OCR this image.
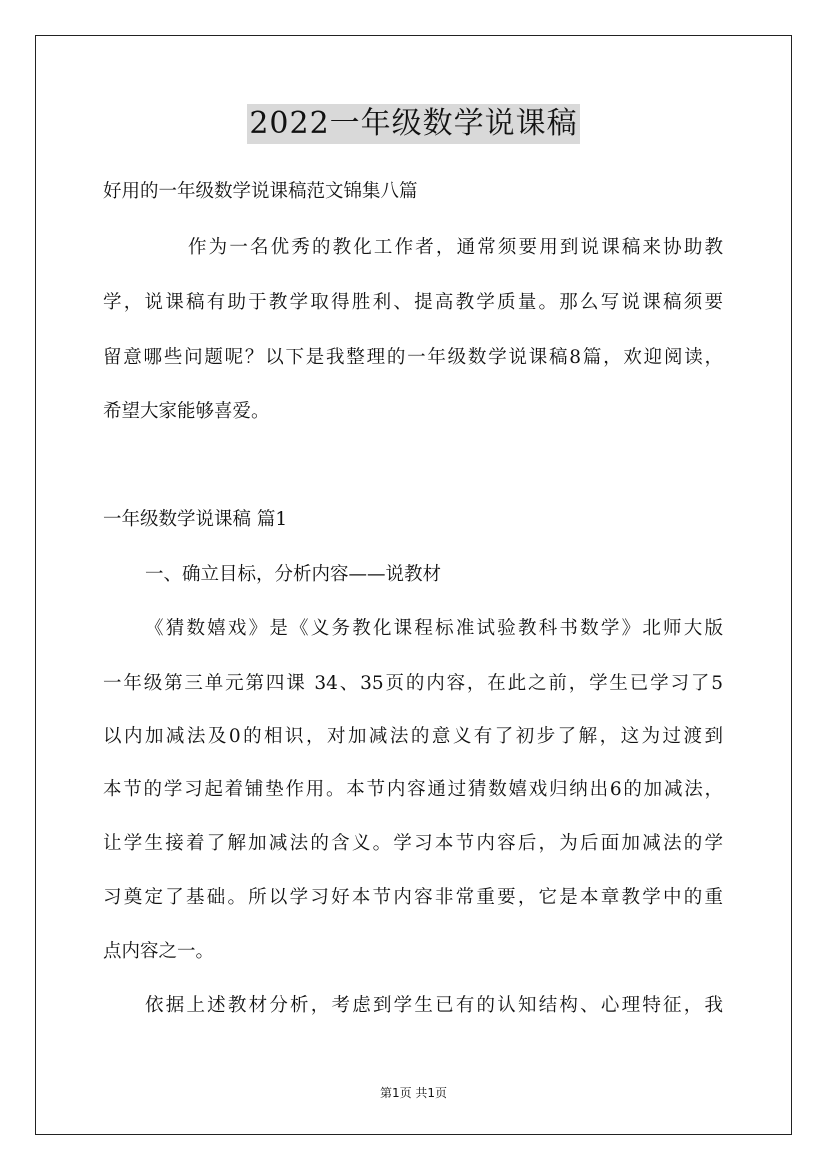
2022一年级数学说课稿
好用的一年级数学说课稿范文锦集八篇
作为一名优秀的教化工作者，通常须要用到说课稿来协助教
学，说课稿有助于教学取得胜利、提高教学质量。那么写说课稿须要
留意哪些问题呢？以下是我整理的一年级数学说课稿8篇，欢迎阅读，
希望大家能够喜爱。
一年级数学说课稿 篇1
一、确立目标，分析内容——说教材
《猜数嬉戏》是《义务教化课程标准试验教科书数学》北师大版
一年级第三单元第四课 34、35页的内容，在此之前，学生已学习了5
以内加减法及0的相识，对加减法的意义有了初步了解，这为过渡到
本节的学习起着铺垫作用。本节内容通过猜数嬉戏归纳出6的加减法，
让学生接着了解加减法的含义。学习本节内容后，为后面加减法的学
习奠定了基础。所以学习好本节内容非常重要，它是本章教学中的重
点内容之一。
依据上述教材分析，考虑到学生已有的认知结构、心理特征，我
第1页 共1页
